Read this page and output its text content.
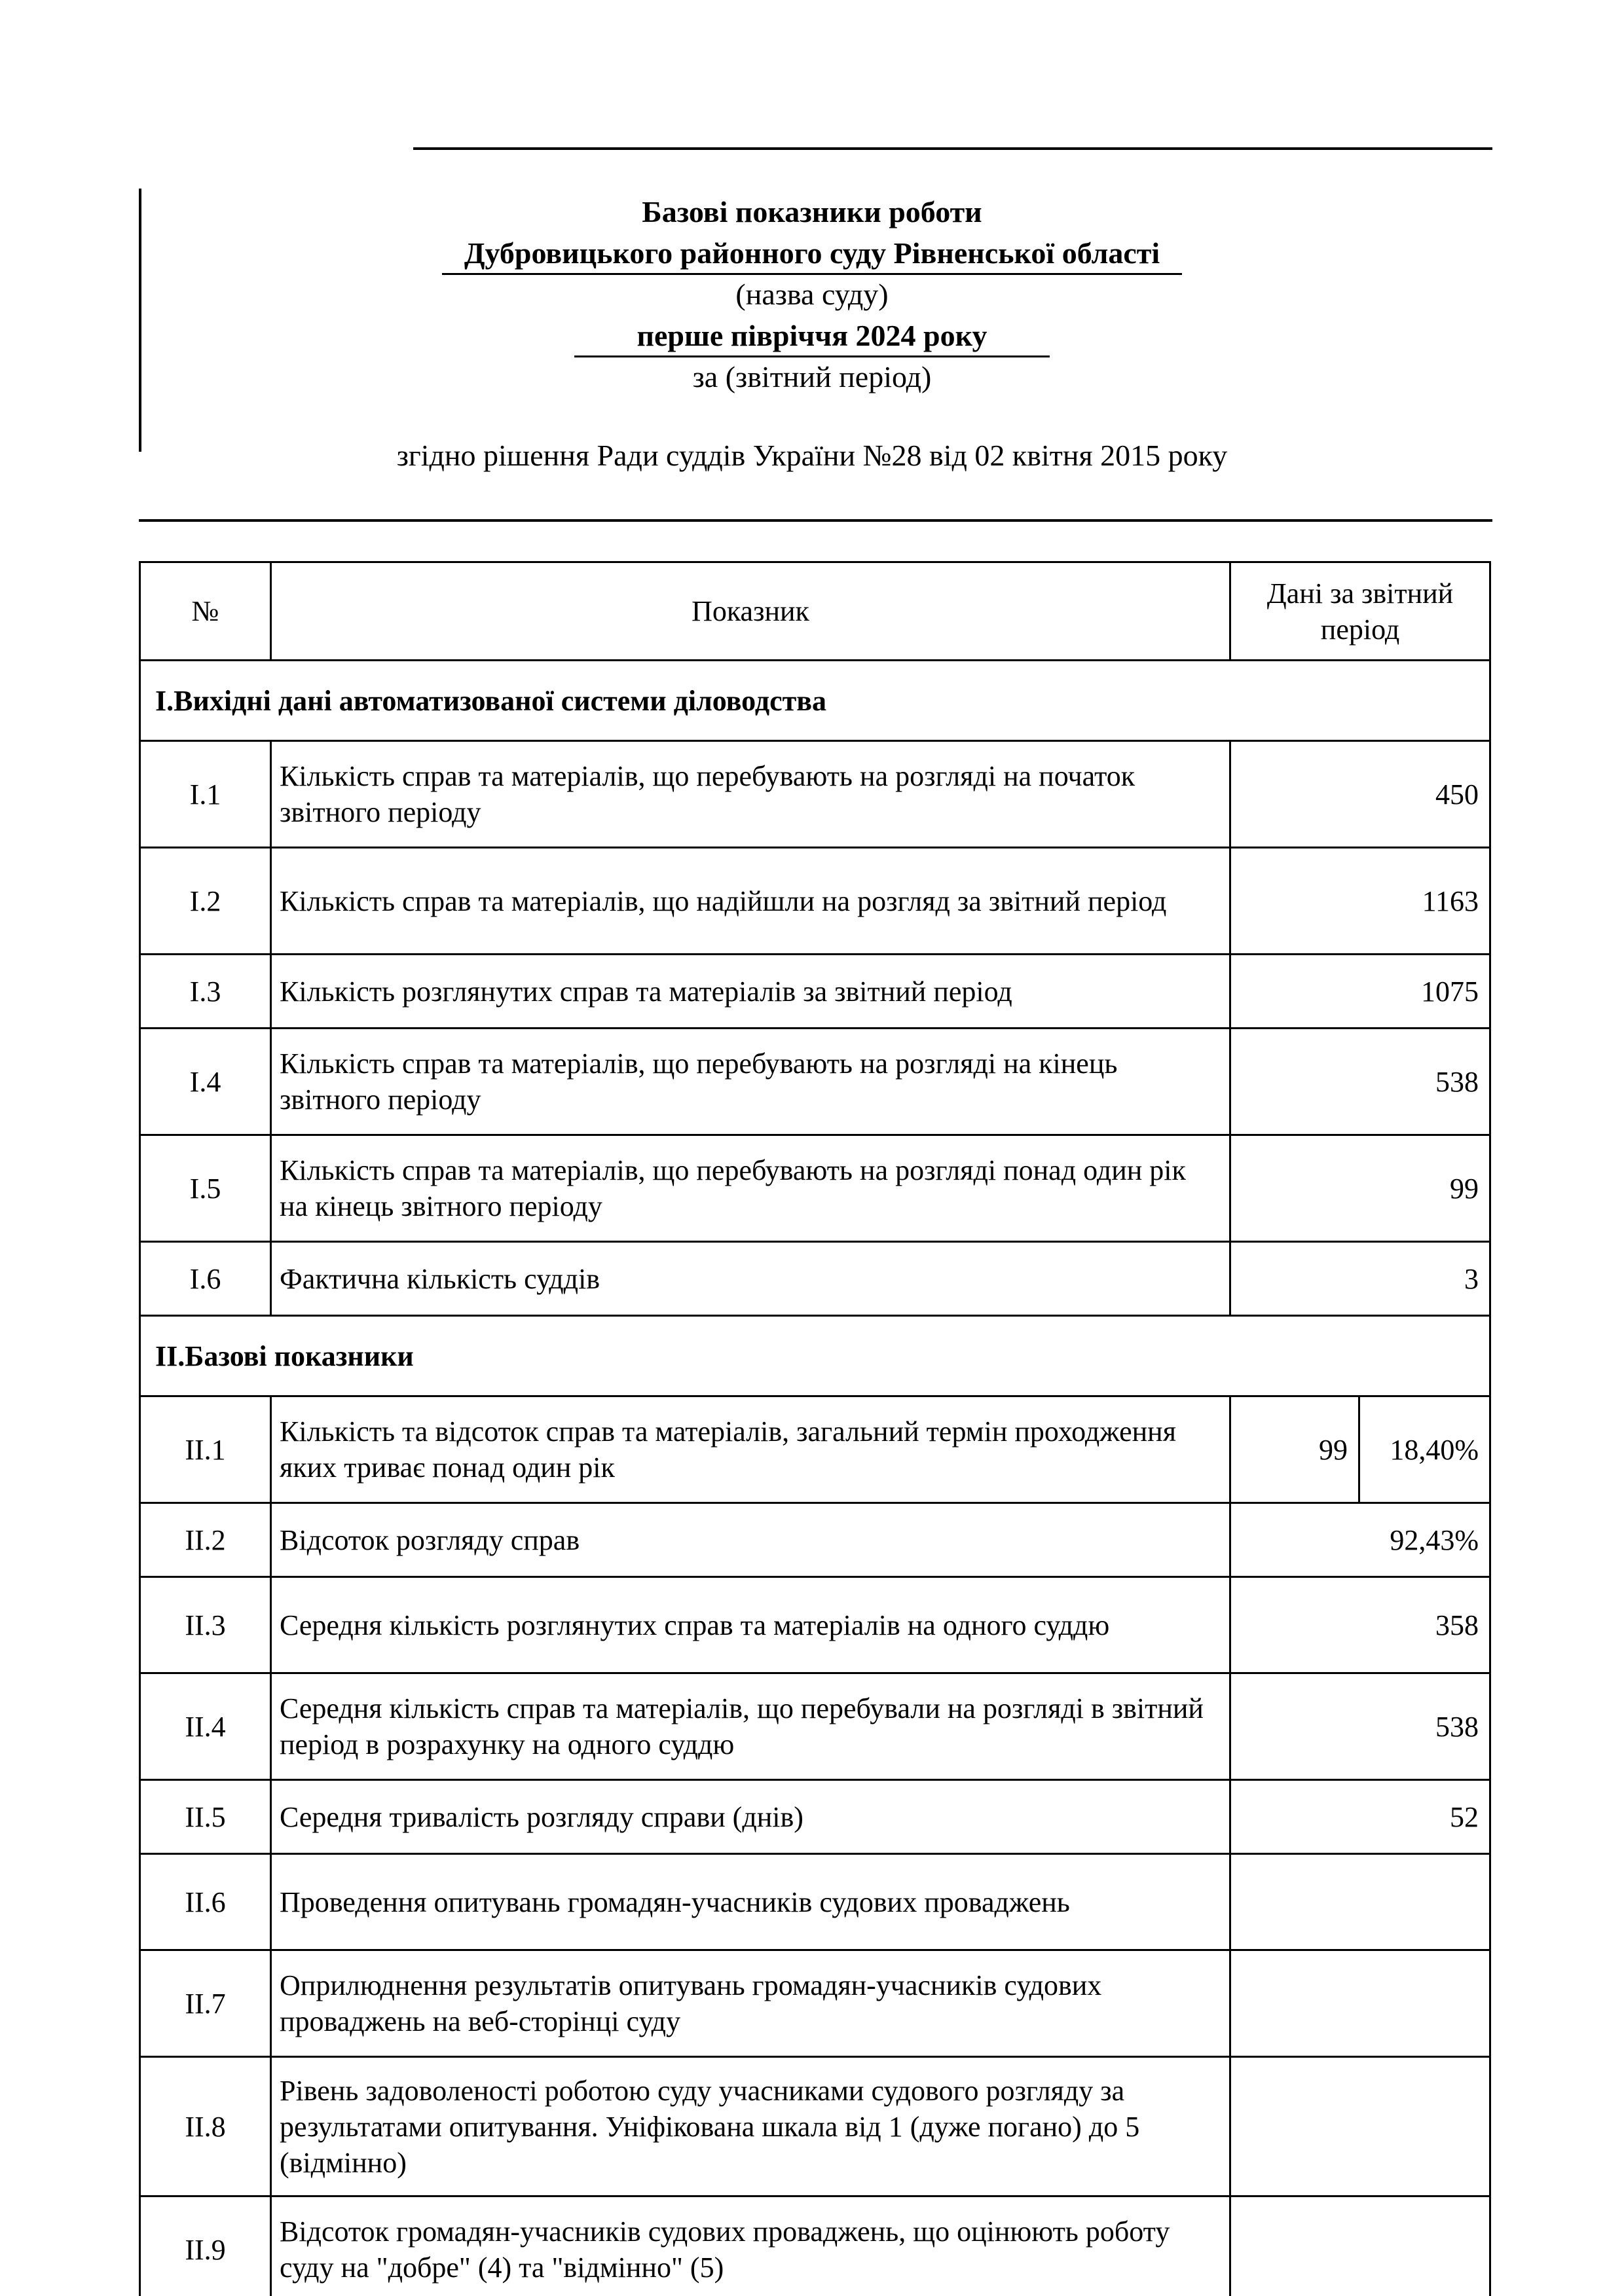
Базові показники роботи
Дубровицького районного суду Рівненської області
(назва суду)
перше півріччя 2024 року
за (звітний період)
згідно рішення Ради суддів України №28 від 02 квітня 2015 року
№	Показник	Дані за звітний період	
I.Вихідні дані автоматизованої системи діловодства			
I.1	Кількість справ та матеріалів, що перебувають на розгляді на початок звітного періоду	450	
I.2	Кількість справ та матеріалів, що надійшли на розгляд за звітний період	1163	
I.3	Кількість розглянутих справ та матеріалів за звітний період	1075	
I.4	Кількість справ та матеріалів, що перебувають на розгляді на кінець звітного періоду	538	
I.5	Кількість справ та матеріалів, що перебувають на розгляді понад один рік на кінець звітного періоду	99	
I.6	Фактична кількість суддів	3	
II.Базові показники			
II.1	Кількість та відсоток справ та матеріалів, загальний термін проходження яких триває понад один рік	99	18,40%
II.2	Відсоток розгляду справ	92,43%	
II.3	Середня кількість розглянутих справ та матеріалів на одного суддю	358	
II.4	Середня кількість справ та матеріалів, що перебували на розгляді в звітний період в розрахунку на одного суддю	538	
II.5	Середня тривалість розгляду справи (днів)	52	
II.6	Проведення опитувань громадян-учасників судових проваджень		
II.7	Оприлюднення результатів опитувань громадян-учасників судових проваджень на веб-сторінці суду		
II.8	Рівень задоволеності роботою суду учасниками судового розгляду за результатами опитування. Уніфікована шкала від 1 (дуже погано) до 5 (відмінно)		
II.9	Відсоток громадян-учасників судових проваджень, що оцінюють роботу суду на "добре" (4) та "відмінно" (5)		
